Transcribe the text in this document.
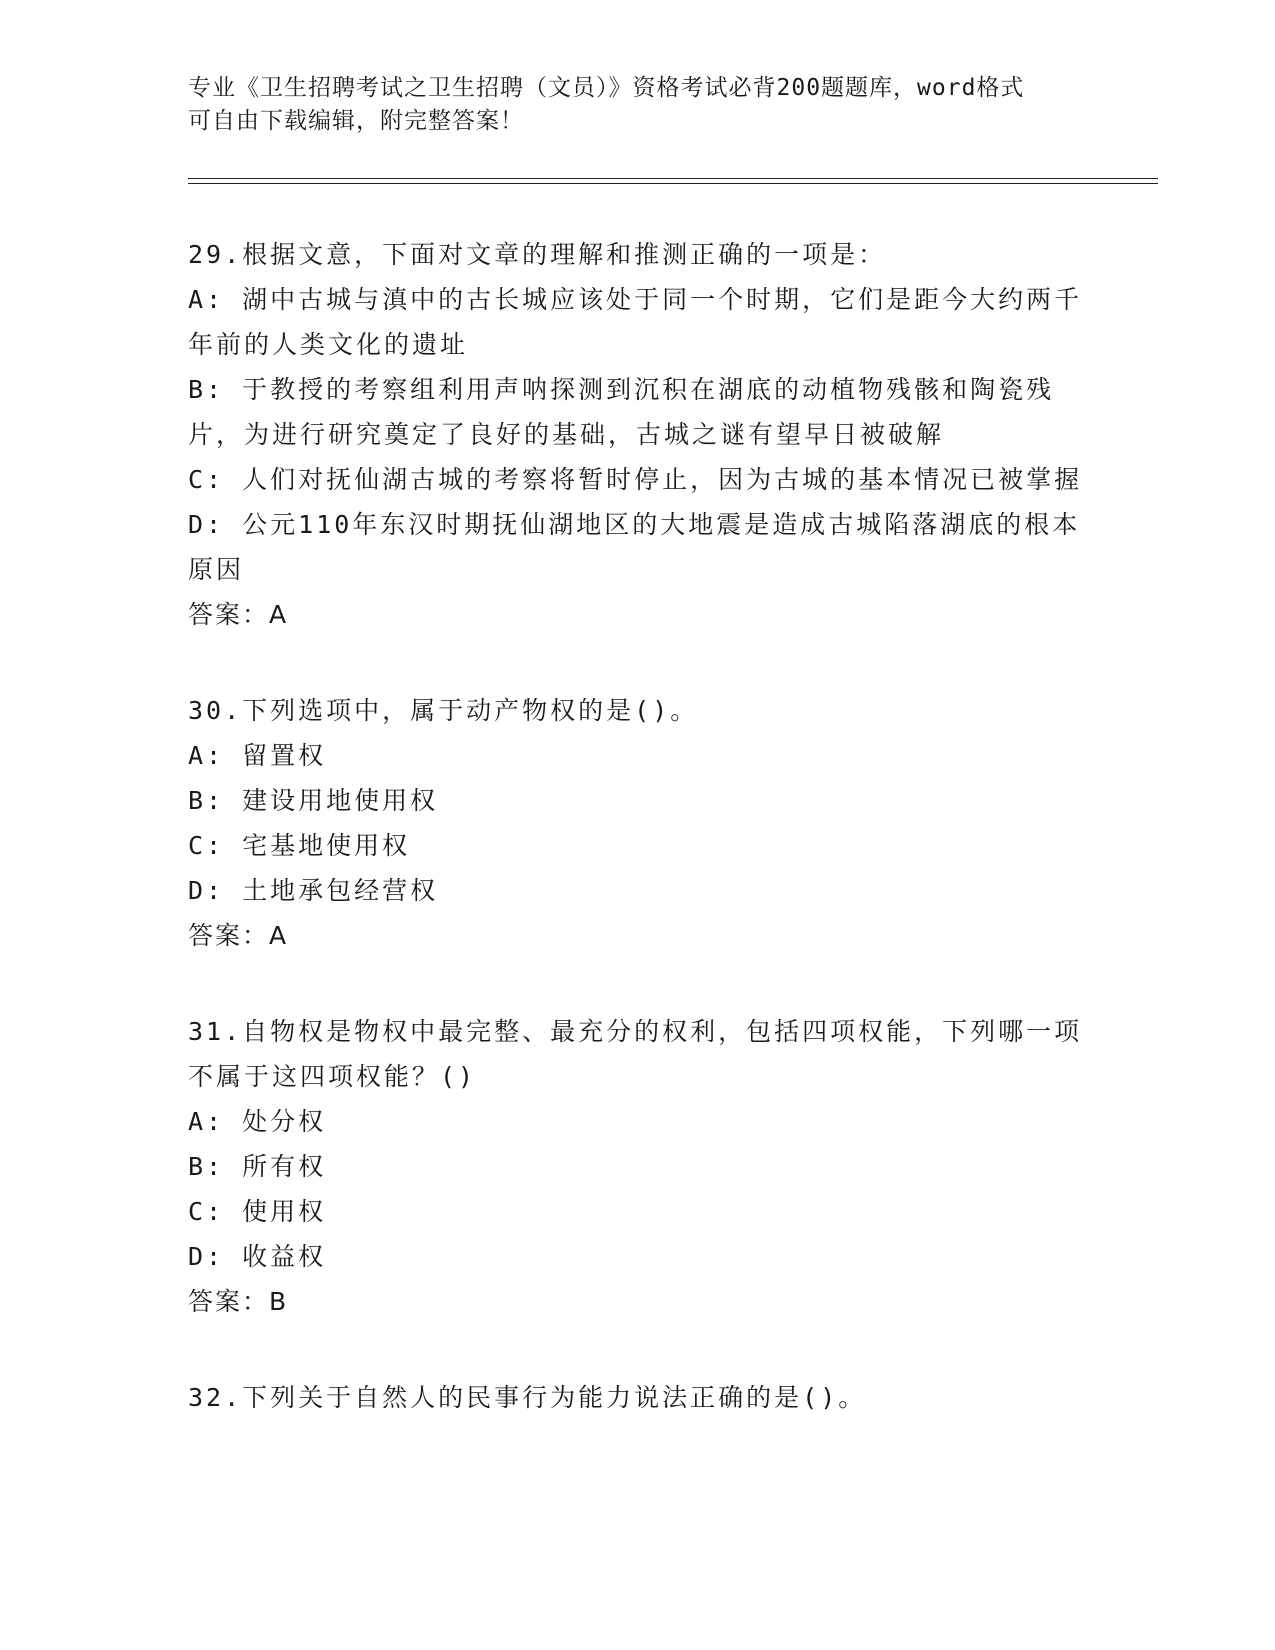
专业《卫生招聘考试之卫生招聘（文员）》资格考试必背200题题库，word格式
可自由下载编辑，附完整答案！
29.根据文意，下面对文章的理解和推测正确的一项是：
A: 湖中古城与滇中的古长城应该处于同一个时期，它们是距今大约两千年前的人类文化的遗址
B: 于教授的考察组利用声呐探测到沉积在湖底的动植物残骸和陶瓷残片，为进行研究奠定了良好的基础，古城之谜有望早日被破解
C: 人们对抚仙湖古城的考察将暂时停止，因为古城的基本情况已被掌握
D: 公元110年东汉时期抚仙湖地区的大地震是造成古城陷落湖底的根本原因
答案：A
30.下列选项中，属于动产物权的是()。
A: 留置权
B: 建设用地使用权
C: 宅基地使用权
D: 土地承包经营权
答案：A
31.自物权是物权中最完整、最充分的权利，包括四项权能，下列哪一项不属于这四项权能？()
A: 处分权
B: 所有权
C: 使用权
D: 收益权
答案：B
32.下列关于自然人的民事行为能力说法正确的是()。
